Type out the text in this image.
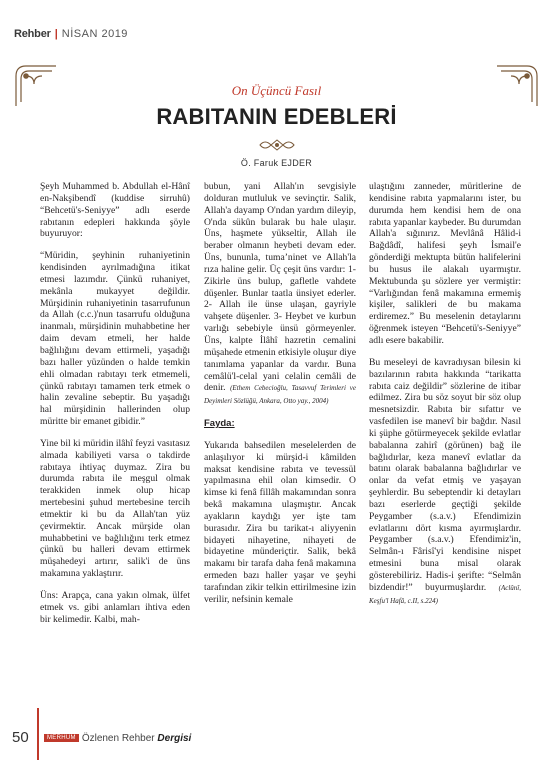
Rehber | NİSAN 2019
On Üçüncü Fasıl
RABITANIN EDEBLERİ
Ö. Faruk EJDER

Şeyh Muhammed b. Abdullah el-Hânî en-Nakşibendî (kuddise sirruhû) “Behcetü's-Seniyye” adlı eserde rabıtanın edepleri hakkında şöyle buyuruyor:

“Müridin, şeyhinin ruhaniyetinin kendisinden ayrılmadığına itikat etmesi lazımdır. Çünkü ruhaniyet, mekânla mukayyet değildir. Mürşidinin ruhaniyetinin tasarrufunun da Allah (c.c.)'nun tasarrufu olduğuna inanmalı, mürşidinin muhabbetine her daim devam etmeli, her halde bağlılığını devam ettirmeli, yaşadığı bazı haller yüzünden o halde temkin ehli olmadan rabıtayı terk etmemeli, çünkü rabıtayı tamamen terk etmek o halin zevaline sebeptir. Bu yaşadığı hal mürşidinin hallerinden olup müritte bir emanet gibidir.”

Yine bil ki müridin ilâhî feyzi vasıtasız almada kabiliyeti varsa o takdirde rabıtaya ihtiyaç duymaz. Zira bu durumda rabıta ile meşgul olmak terakkiden inmek olup hicap mertebesini şuhud mertebesine tercih etmektir ki bu da Allah'tan yüz çevirmektir. Ancak mürşide olan muhabbetini ve bağlılığını terk etmez çünkü bu halleri devam ettirmek müşahedeyi artırır, salik'i de üns makamına yaklaştırır.

Üns: Arapça, cana yakın olmak, ülfet etmek vs. gibi anlamları ihtiva eden bir kelimedir. Kalbi, mah-

bubun, yani Allah'ın sevgisiyle dolduran mutluluk ve sevinçtir. Salik, Allah'a dayamp O'ndan yardım dileyip, O'nda sükûn bularak bu hale ulaşır. Üns, haşmete yükseltir, Allah ile beraber olmanın heybeti devam eder. Üns, bununla, tumaʼninet ve Allah'la rıza haline gelir. Üç çeşit üns vardır: 1- Zikirle üns bulup, gafletle vahdete düşenler. Bunlar taatla ünsiyet ederler. 2- Allah ile ünse ulaşan, gayriyle vahşete düşenler. 3- Heybet ve kurbun varlığı sebebiyle ünsü görmeyenler. Üns, kalpte İlâhî hazretin cemalini müşahede etmenin etkisiyle oluşur diye tanımlama yapanlar da vardır. Buna cemâlü'l-celal yani celalin cemâli de denir. (Ethem Cebecioğlu, Tasavvuf Terimleri ve Deyimleri Sözlüğü, Ankara, Otto yay., 2004)

Fayda:

Yukarıda bahsedilen meselelerden de anlaşılıyor ki mürşid-i kâmilden maksat kendisine rabıta ve tevessül yapılmasına ehil olan kimsedir. O kimse ki fenâ fillâh makamından sonra bekâ makamına ulaşmıştır. Ancak ayakların kaydığı yer işte tam burasıdır. Zira bu tarikat-ı aliyyenin bidayeti nihayetine, nihayeti de bidayetine münderiçtir. Salik, bekâ makamı bir tarafa daha fenâ makamına ermeden bazı haller yaşar ve şeyhi tarafından zikir telkin ettirilmesine izin verilir, nefsinin kemale

ulaştığını zanneder, müritlerine de kendisine rabıta yapmalarını ister, bu durumda hem kendisi hem de ona rabıta yapanlar kaybeder. Bu durumdan Allah'a sığınırız. Mevlânâ Hâlid-i Bağdâdî, halifesi şeyh İsmail'e gönderdiği mektupta bütün halifelerini bu husus ile alakalı uyarmıştır. Mektubunda şu sözlere yer vermiştir: “Varlığından fenâ makamına ermemiş kişiler, salikleri de bu makama erdiremez.” Bu meselenin detaylarını öğrenmek isteyen “Behcetü's-Seniyye” adlı esere bakabilir.

Bu meseleyi de kavradıysan bilesin ki bazılarının rabıta hakkında “tarikatta rabıta caiz değildir” sözlerine de itibar edilmez. Zira bu söz soyut bir söz olup mesnetsizdir. Rabıta bir sıfattır ve vasfedilen ise manevî bir bağdır. Nasıl ki şüphe götürmeyecek şekilde evlatlar babalanna zahirî (görünen) bağ ile bağlıdırlar, keza manevî evlatlar da batını olarak babalanna bağlıdırlar ve onlar da vefat etmiş ve yaşayan şeyhlerdir. Bu sebeptendir ki detayları bazı eserlerde geçtiği şekilde Peygamber (s.a.v.) Efendimizin evlatlarını dört kısma ayırmışlardır. Peygamber (s.a.v.) Efendimiz'in, Selmân-ı Fârisî'yi kendisine nispet etmesini buna misal olarak gösterebiliriz. Hadis-i şerifte: “Selmân bizdendir!” buyurmuşlardır. (Aclûnî, Keşfu'l Hafâ, c.II, s.224)

50	MERHUM Özlenen Rehber Dergisi
